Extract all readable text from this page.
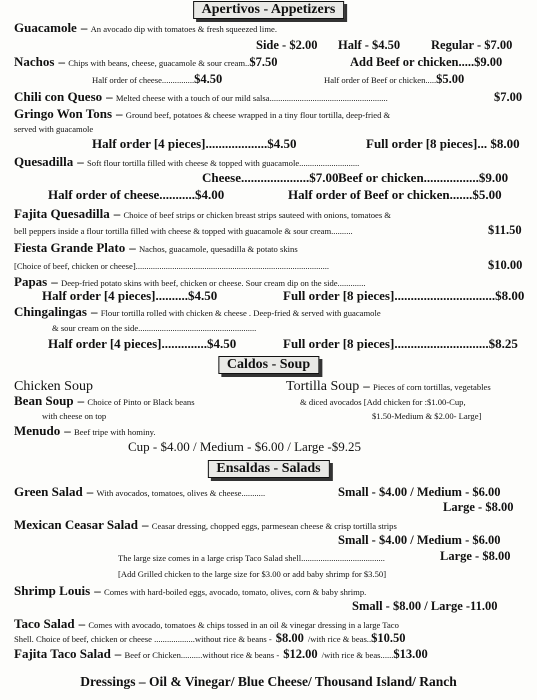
Apertivos - Appetizers
Guacamole – An avocado dip with tomatoes & fresh squeezed lime.
Side - $2.00 Half - $4.50 Regular - $7.00
Nachos – Chips with beans, cheese, guacamole & sour cream..$7.50	Add Beef or chicken.....$9.00
Half order of cheese...............$4.50	Half order of Beef or chicken.....$5.00
Chili con Queso – Melted cheese with a touch of our mild salsa.......................................................	$7.00
Gringo Won Tons – Ground beef, potatoes & cheese wrapped in a tiny flour tortilla, deep-fried &
served with guacamole
Half order [4 pieces]...................$4.50	Full order [8 pieces]... $8.00
Quesadilla – Soft flour tortilla filled with cheese & topped with guacamole............................
Cheese.....................$7.00 Beef or chicken.................$9.00
Half order of cheese...........$4.00	Half order of Beef or chicken.......$5.00
Fajita Quesadilla – Choice of beef strips or chicken breast strips sauteed with onions, tomatoes &
bell peppers inside a flour tortilla filled with cheese & topped with guacamole & sour cream..........	$11.50
Fiesta Grande Plato – Nachos, guacamole, quesadilla & potato skins
[Choice of beef, chicken or cheese]..........................................................................................	$10.00
Papas – Deep-fried potato skins with beef, chicken or cheese. Sour cream dip on the side.............
Half order [4 pieces]..........$4.50	Full order [8 pieces]...............................$8.00
Chingalingas – Flour tortilla rolled with chicken & cheese . Deep-fried & served with guacamole
& sour cream on the side.......................................................
Half order [4 pieces]..............$4.50	Full order [8 pieces].............................$8.25
Caldos - Soup
Chicken Soup	Tortilla Soup – Pieces of corn tortillas, vegetables
Bean Soup – Choice of Pinto or Black beans	& diced avocados [Add chicken for :$1.00-Cup,
with cheese on top	$1.50-Medium & $2.00- Large]
Menudo – Beef tripe with hominy.
Cup - $4.00 / Medium - $6.00 / Large -$9.25
Ensaldas - Salads
Green Salad – With avocados, tomatoes, olives & cheese...........	Small - $4.00 / Medium - $6.00
Large - $8.00
Mexican Ceasar Salad – Ceasar dressing, chopped eggs, parmesean cheese & crisp tortilla strips
Small - $4.00 / Medium - $6.00
The large size comes in a large crisp Taco Salad shell.......................................	Large - $8.00
[Add Grilled chicken to the large size for $3.00 or add baby shrimp for $3.50]
Shrimp Louis – Comes with hard-boiled eggs, avocado, tomato, olives, corn & baby shrimp.
Small - $8.00 / Large -11.00
Taco Salad – Comes with avocado, tomatoes & chips tossed in an oil & vinegar dressing in a large Taco
Shell. Choice of beef, chicken or cheese ...................without rice & beans - $8.00 /with rice & beas..$10.50
Fajita Taco Salad – Beef or Chicken..........without rice & beans - $12.00 /with rice & beas......$13.00
Dressings – Oil & Vinegar/ Blue Cheese/ Thousand Island/ Ranch
